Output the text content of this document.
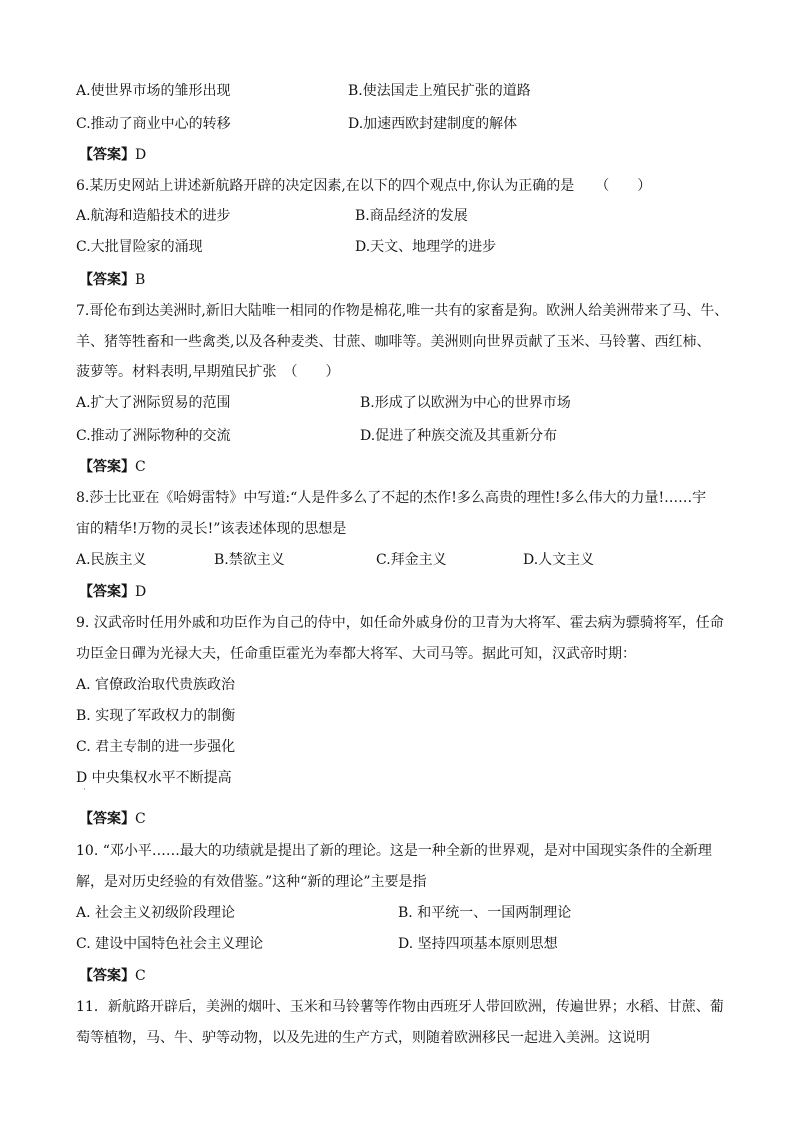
A.使世界市场的雏形出现	B.使法国走上殖民扩张的道路
C.推动了商业中心的转移	D.加速西欧封建制度的解体
【答案】D
6.某历史网站上讲述新航路开辟的决定因素,在以下的四个观点中,你认为正确的是　　（　　）
A.航海和造船技术的进步	B.商品经济的发展
C.大批冒险家的涌现	D.天文、地理学的进步
【答案】B
7.哥伦布到达美洲时,新旧大陆唯一相同的作物是棉花,唯一共有的家畜是狗。欧洲人给美洲带来了马、牛、
羊、猪等牲畜和一些禽类,以及各种麦类、甘蔗、咖啡等。美洲则向世界贡献了玉米、马铃薯、西红柿、
菠萝等。材料表明,早期殖民扩张　（　　）
A.扩大了洲际贸易的范围	B.形成了以欧洲为中心的世界市场
C.推动了洲际物种的交流	D.促进了种族交流及其重新分布
【答案】C
8.莎士比亚在《哈姆雷特》中写道:“人是件多么了不起的杰作!多么高贵的理性!多么伟大的力量!……宇
宙的精华!万物的灵长!”该表述体现的思想是
A.民族主义	B.禁欲主义	C.拜金主义	D.人文主义
【答案】D
9. 汉武帝时任用外戚和功臣作为自己的侍中，如任命外戚身份的卫青为大将军、霍去病为骠骑将军，任命
功臣金日磾为光禄大夫，任命重臣霍光为奉都大将军、大司马等。据此可知，汉武帝时期：
A. 官僚政治取代贵族政治
B. 实现了军政权力的制衡
C. 君主专制的进一步强化
D 中央集权水平不断提高
˙
【答案】C
10. “邓小平……最大的功绩就是提出了新的理论。这是一种全新的世界观，是对中国现实条件的全新理
解，是对历史经验的有效借鉴。”这种“新的理论”主要是指
A. 社会主义初级阶段理论	B. 和平统一、一国两制理论
C. 建设中国特色社会主义理论	D. 坚持四项基本原则思想
【答案】C
11．新航路开辟后，美洲的烟叶、玉米和马铃薯等作物由西班牙人带回欧洲，传遍世界；水稻、甘蔗、葡
萄等植物，马、牛、驴等动物，以及先进的生产方式，则随着欧洲移民一起进入美洲。这说明
